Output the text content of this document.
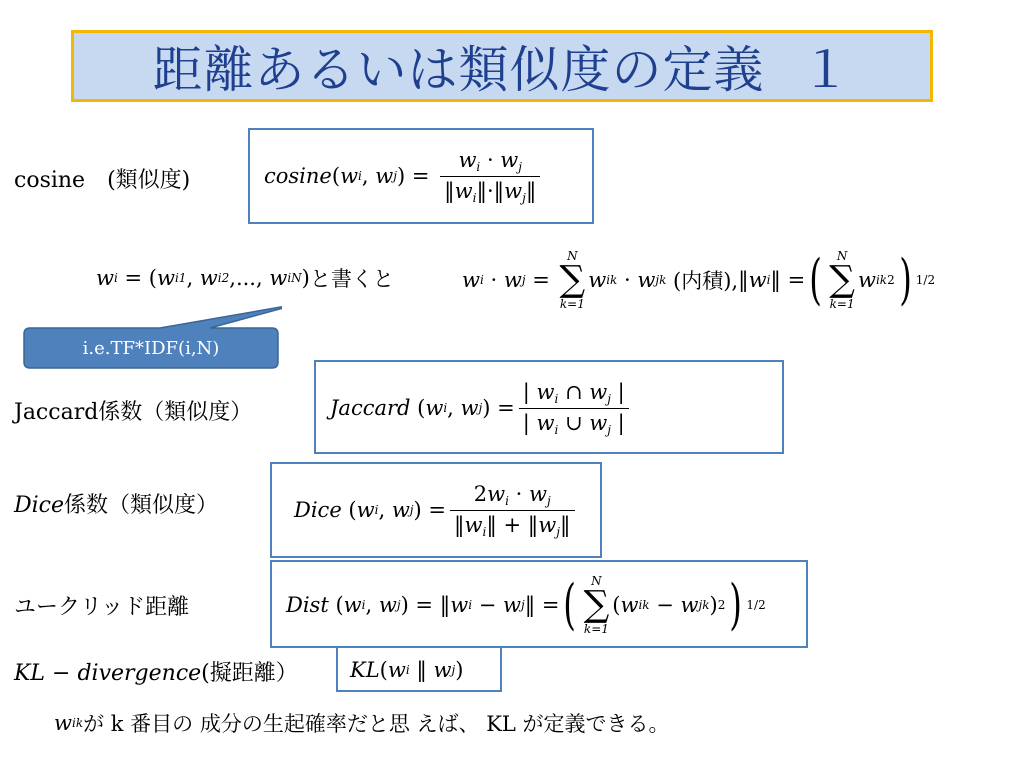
距離あるいは類似度の定義 １
cosine　(類似度)	cosine ( w i , w j ) = $\frac{w_i \cdot w_j}{‖w_i‖\cdot‖w_j‖}$
w i = ( w i1 , w i2 ,..., w iN ) と書くと	w i · w j =
N
∑
k=1
w ik · w jk
(内積), ‖ w i ‖ = ( N
∑
k=1
w ik 2 ) 1/2
i.e.TF*IDF(i,N)
Jaccard係数（類似度）	Jaccard ( w i , w j ) = $\frac{| w_i \cap w_j |}{| w_i \cup w_j |}$
Dice係数（類似度）	Dice ( w i , w j ) = $\frac{2w_i \cdot w_j}{‖w_i‖ + ‖w_j‖}$
ユークリッド距離	Dist ( w i , w j ) = ‖ w i − w j ‖ = ( N
∑
k=1
( w ik − w jk ) 2 ) 1/2
KL − divergence(擬距離） KL ( w i ‖ w j )
w ik が k 番目の 成分の生起確率だと思 えば、 KL が定義できる。
